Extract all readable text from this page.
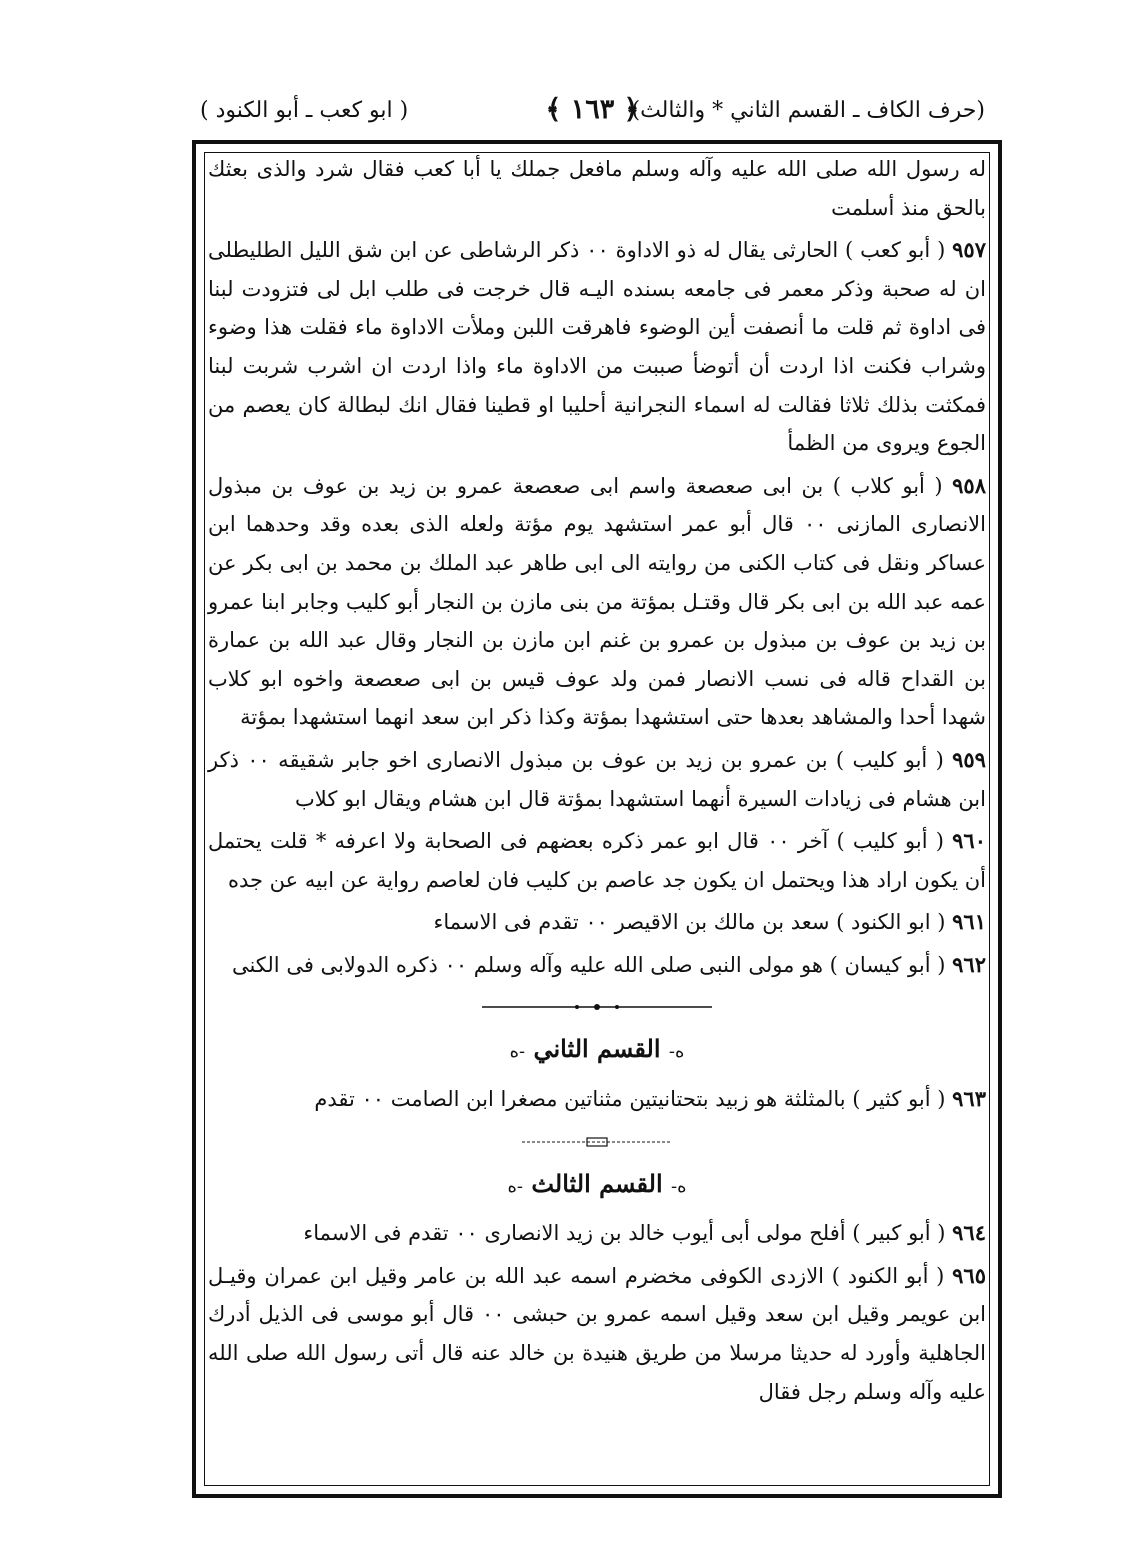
(حرف الكاف ـ القسم الثاني * والثالث)
﴿ ١٦٣ ﴾
( ابو كعب ـ أبو الكنود )

له رسول الله صلى الله عليه وآله وسلم مافعل جملك يا أبا كعب فقال شرد والذى بعثك بالحق منذ أسلمت

٩٥٧ ( أبو كعب ) الحارثى يقال له ذو الاداوة ٠٠ ذكر الرشاطى عن ابن شق الليل الطليطلى ان له صحبة وذكر معمر فى جامعه بسنده اليـه قال خرجت فى طلب ابل لى فتزودت لبنا فى اداوة ثم قلت ما أنصفت أين الوضوء فاهرقت اللبن وملأت الاداوة ماء فقلت هذا وضوء وشراب فكنت اذا اردت أن أتوضأ صببت من الاداوة ماء واذا اردت ان اشرب شربت لبنا فمكثت بذلك ثلاثا فقالت له اسماء النجرانية أحليبا او قطينا فقال انك لبطالة كان يعصم من الجوع ويروى من الظمأ

٩٥٨ ( أبو كلاب ) بن ابى صعصعة واسم ابى صعصعة عمرو بن زيد بن عوف بن مبذول الانصارى المازنى ٠٠ قال أبو عمر استشهد يوم مؤتة ولعله الذى بعده وقد وحدهما ابن عساكر ونقل فى كتاب الكنى من روايته الى ابى طاهر عبد الملك بن محمد بن ابى بكر عن عمه عبد الله بن ابى بكر قال وقتـل بمؤتة من بنى مازن بن النجار أبو كليب وجابر ابنا عمرو بن زيد بن عوف بن مبذول بن عمرو بن غنم ابن مازن بن النجار وقال عبد الله بن عمارة بن القداح قاله فى نسب الانصار فمن ولد عوف قيس بن ابى صعصعة واخوه ابو كلاب شهدا أحدا والمشاهد بعدها حتى استشهدا بمؤتة وكذا ذكر ابن سعد انهما استشهدا بمؤتة

٩٥٩ ( أبو كليب ) بن عمرو بن زيد بن عوف بن مبذول الانصارى اخو جابر شقيقه ٠٠ ذكر ابن هشام فى زيادات السيرة أنهما استشهدا بمؤتة قال ابن هشام ويقال ابو كلاب

٩٦٠ ( أبو كليب ) آخر ٠٠ قال ابو عمر ذكره بعضهم فى الصحابة ولا اعرفه * قلت يحتمل أن يكون اراد هذا ويحتمل ان يكون جد عاصم بن كليب فان لعاصم رواية عن ابيه عن جده

٩٦١ ( ابو الكنود ) سعد بن مالك بن الاقيصر ٠٠ تقدم فى الاسماء

٩٦٢ ( أبو كيسان ) هو مولى النبى صلى الله عليه وآله وسلم ٠٠ ذكره الدولابى فى الكنى

ﻩ- القسم الثاني -ﻩ

٩٦٣ ( أبو كثير ) بالمثلثة هو زبيد بتحتانيتين مثناتين مصغرا ابن الصامت ٠٠ تقدم

ﻩ- القسم الثالث -ﻩ

٩٦٤ ( أبو كبير ) أفلح مولى أبى أيوب خالد بن زيد الانصارى ٠٠ تقدم فى الاسماء

٩٦٥ ( أبو الكنود ) الازدى الكوفى مخضرم اسمه عبد الله بن عامر وقيل ابن عمران وقيـل ابن عويمر وقيل ابن سعد وقيل اسمه عمرو بن حبشى ٠٠ قال أبو موسى فى الذيل أدرك الجاهلية وأورد له حديثا مرسلا من طريق هنيدة بن خالد عنه قال أتى رسول الله صلى الله عليه وآله وسلم رجل فقال
